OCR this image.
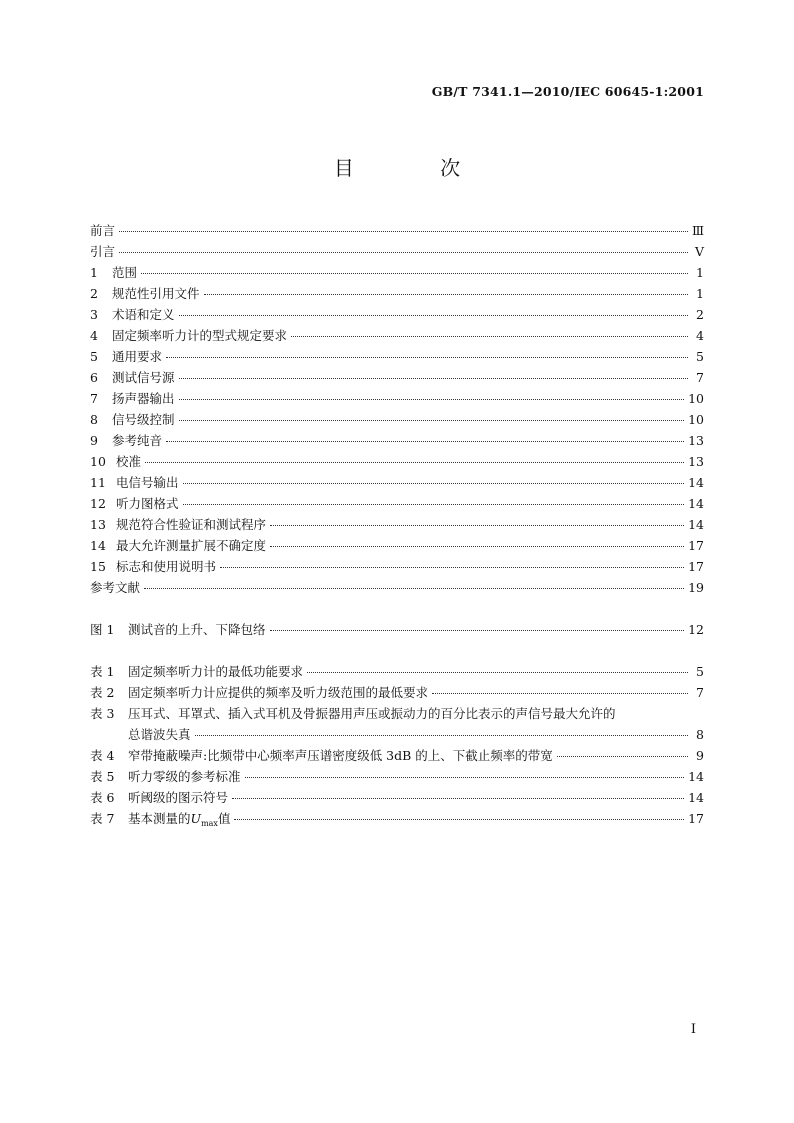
GB/T 7341.1—2010/IEC 60645-1:2001
目 次
前言	Ⅲ
引言	Ⅴ
1	范围	1
2	规范性引用文件	1
3	术语和定义	2
4	固定频率听力计的型式规定要求	4
5	通用要求	5
6	测试信号源	7
7	扬声器输出	10
8	信号级控制	10
9	参考纯音	13
10 校准	13
11 电信号输出	14
12 听力图格式	14
13 规范符合性验证和测试程序	14
14 最大允许测量扩展不确定度	17
15 标志和使用说明书	17
参考文献	19
图 1	测试音的上升、下降包络	12
表 1	固定频率听力计的最低功能要求	5
表 2	固定频率听力计应提供的频率及听力级范围的最低要求	7
表 3	压耳式、耳罩式、插入式耳机及骨振器用声压或振动力的百分比表示的声信号最大允许的
总谐波失真	8
表 4	窄带掩蔽噪声:比频带中心频率声压谱密度级低 3dB 的上、下截止频率的带宽	9
表 5	听力零级的参考标准	14
表 6	听阈级的图示符号	14
表 7	基本测量的$U_{max}$值	17
I
